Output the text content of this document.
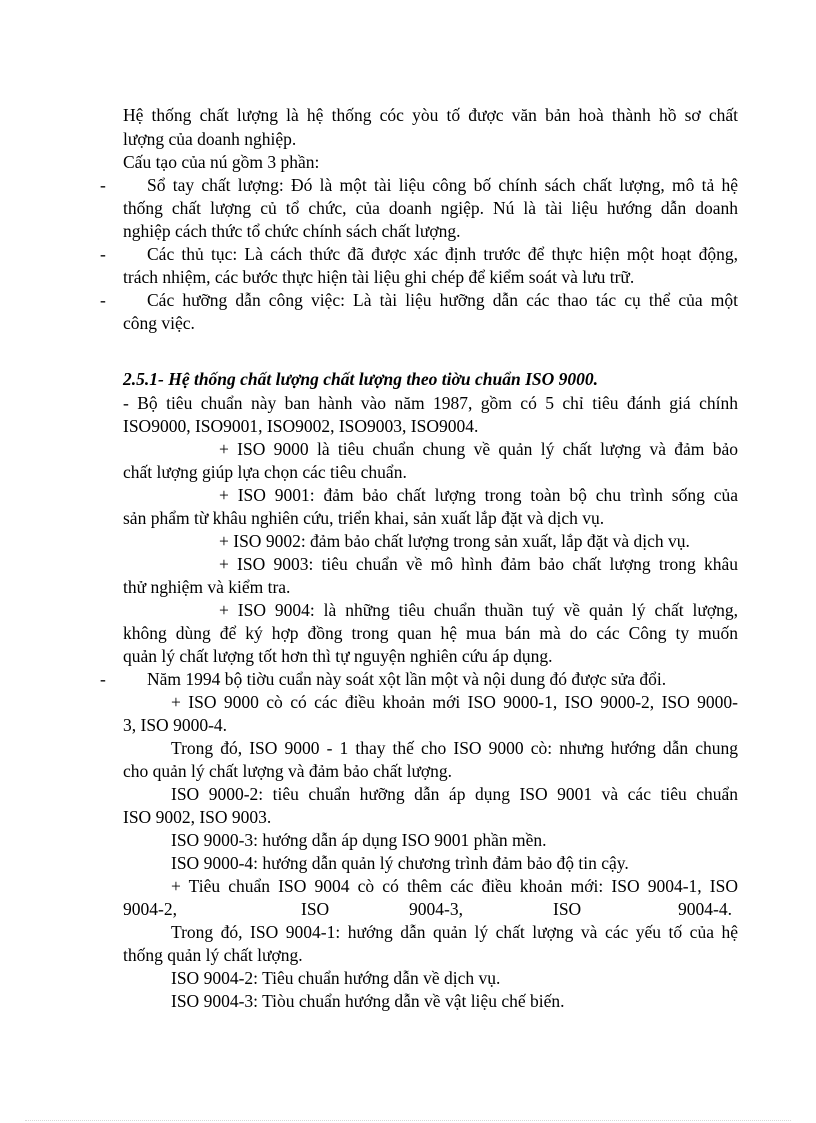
Hệ thống chất lượng là hệ thống cóc yòu tố được văn bản hoà thành hồ sơ chất
lượng của doanh nghiệp.
Cấu tạo của nú gồm 3 phần:
- Sổ tay chất lượng: Đó là một tài liệu công bố chính sách chất lượng, mô tả hệ
thống chất lượng củ tổ chức, của doanh ngiệp. Nú là tài liệu hướng dẫn doanh
nghiệp cách thức tổ chức chính sách chất lượng.
- Các thủ tục: Là cách thức đã được xác định trước để thực hiện một hoạt động,
trách nhiệm, các bước thực hiện tài liệu ghi chép để kiểm soát và lưu trữ.
- Các hưỡng dẫn công việc: Là tài liệu hưỡng dẫn các thao tác cụ thể của một
công việc.
2.5.1- Hệ thống chất lượng chất lượng theo tiờu chuẩn ISO 9000.
- Bộ tiêu chuẩn này ban hành vào năm 1987, gồm có 5 chỉ tiêu đánh giá chính
ISO9000, ISO9001, ISO9002, ISO9003, ISO9004.
+ ISO 9000 là tiêu chuẩn chung về quản lý chất lượng và đảm bảo
chất lượng giúp lựa chọn các tiêu chuẩn.
+ ISO 9001: đảm bảo chất lượng trong toàn bộ chu trình sống của
sản phẩm từ khâu nghiên cứu, triển khai, sản xuất lắp đặt và dịch vụ.
+ ISO 9002: đảm bảo chất lượng trong sản xuất, lắp đặt và dịch vụ.
+ ISO 9003: tiêu chuẩn về mô hình đảm bảo chất lượng trong khâu
thử nghiệm và kiểm tra.
+ ISO 9004: là những tiêu chuẩn thuần tuý về quản lý chất lượng,
không dùng để ký hợp đồng trong quan hệ mua bán mà do các Công ty muốn
quản lý chất lượng tốt hơn thì tự nguyện nghiên cứu áp dụng.
- Năm 1994 bộ tiờu cuẩn này soát xột lần một và nội dung đó được sửa đổi.
+ ISO 9000 cò có các điều khoản mới ISO 9000-1, ISO 9000-2, ISO 9000-
3, ISO 9000-4.
Trong đó, ISO 9000 - 1 thay thế cho ISO 9000 cò: nhưng hướng dẫn chung
cho quản lý chất lượng và đảm bảo chất lượng.
ISO 9000-2: tiêu chuẩn hưỡng dẫn áp dụng ISO 9001 và các tiêu chuẩn
ISO 9002, ISO 9003.
ISO 9000-3: hướng dẫn áp dụng ISO 9001 phần mền.
ISO 9000-4: hướng dẫn quản lý chương trình đảm bảo độ tin cậy.
+ Tiêu chuẩn ISO 9004 cò có thêm các điều khoản mới: ISO 9004-1, ISO
9004-2,	ISO	9004-3,	ISO	9004-4.
Trong đó, ISO 9004-1: hướng dẫn quản lý chất lượng và các yếu tố của hệ
thống quản lý chất lượng.
ISO 9004-2: Tiêu chuẩn hướng dẫn về dịch vụ.
ISO 9004-3: Tiòu chuẩn hướng dẫn về vật liệu chế biến.
